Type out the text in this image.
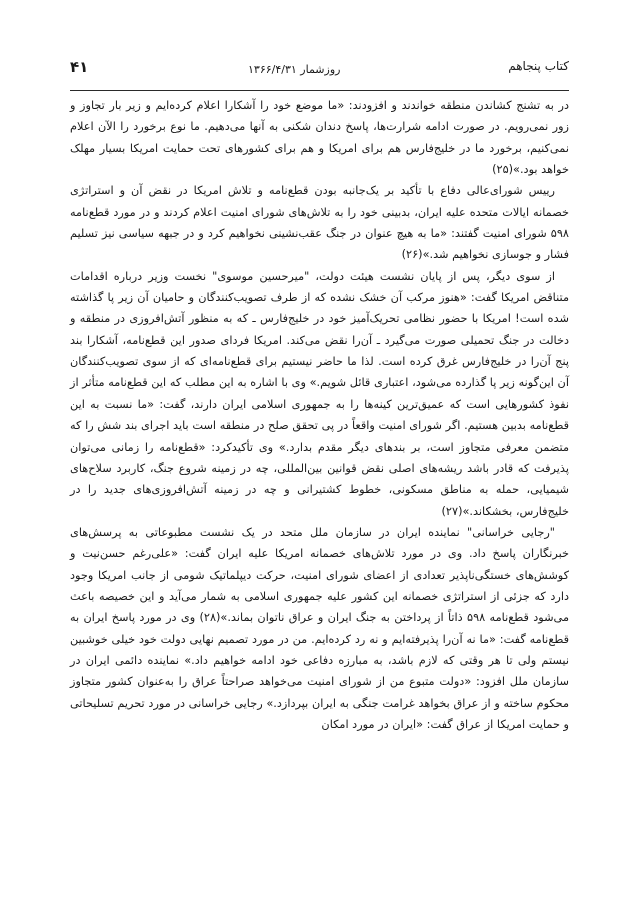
۴۱	روزشمار ۱۳۶۶/۴/۳۱	کتاب پنجاهم

در به تشنج کشاندن منطقه خواندند و افزودند: «ما موضع خود را آشکارا اعلام کرده‌ایم و زیر بار تجاوز و زور نمی‌رویم. در صورت ادامه شرارت‌ها، پاسخ دندان شکنی به آنها می‌دهیم. ما نوع برخورد را الآن اعلام نمی‌کنیم، برخورد ما در خلیج‌فارس هم برای امریکا و هم برای کشورهای تحت حمایت امریکا بسیار مهلک خواهد بود.»(۲۵)

رییس شورای‌عالی دفاع با تأکید بر یک‌جانبه بودن قطع‌نامه و تلاش امریکا در نقض آن و استراتژی خصمانه ایالات متحده علیه ایران، بدبینی خود را به تلاش‌های شورای امنیت اعلام کردند و در مورد قطع‌نامه ۵۹۸ شورای امنیت گفتند: «ما به هیچ عنوان در جنگ عقب‌نشینی نخواهیم کرد و در جبهه سیاسی نیز تسلیم فشار و جوسازی نخواهیم شد.»(۲۶)

از سوی دیگر، پس از پایان نشست هیئت دولت، "میرحسین موسوی" نخست وزیر درباره اقدامات متناقض امریکا گفت: «هنوز مرکب آن خشک نشده که از طرف تصویب‌کنندگان و حامیان آن زیر پا گذاشته شده است! امریکا با حضور نظامی تحریک‌آمیز خود در خلیج‌فارس ـ که به منظور آتش‌افروزی در منطقه و دخالت در جنگ تحمیلی صورت می‌گیرد ـ آن‌را نقض می‌کند. امریکا فردای صدور این قطع‌نامه، آشکارا بند پنج آن‌را در خلیج‌فارس غرق کرده است. لذا ما حاضر نیستیم برای قطع‌نامه‌ای که از سوی تصویب‌کنندگان آن این‌گونه زیر پا گذارده می‌شود، اعتباری قائل شویم.» وی با اشاره به این مطلب که این قطع‌نامه متأثر از نفوذ کشورهایی است که عمیق‌ترین کینه‌ها را به جمهوری اسلامی ایران دارند، گفت: «ما نسبت به این قطع‌نامه بدبین هستیم. اگر شورای امنیت واقعاً در پی تحقق صلح در منطقه است باید اجرای بند شش را که متضمن معرفی متجاوز است، بر بندهای دیگر مقدم بدارد.» وی تأکیدکرد: «قطع‌نامه را زمانی می‌توان پذیرفت که قادر باشد ریشه‌های اصلی نقض قوانین بین‌المللی، چه در زمینه شروع جنگ، کاربرد سلاح‌های شیمیایی، حمله به مناطق مسکونی، خطوط کشتیرانی و چه در زمینه آتش‌افروزی‌های جدید را در خلیج‌فارس، بخشکاند.»(۲۷)

"رجایی خراسانی" نماینده ایران در سازمان ملل متحد در یک نشست مطبوعاتی به پرسش‌های خبرنگاران پاسخ داد. وی در مورد تلاش‌های خصمانه امریکا علیه ایران گفت: «علی‌رغم حسن‌نیت و کوشش‌های خستگی‌ناپذیر تعدادی از اعضای شورای امنیت، حرکت دیپلماتیک شومی از جانب امریکا وجود دارد که جزئی از استراتژی خصمانه این کشور علیه جمهوری اسلامی به شمار می‌آید و این خصیصه باعث می‌شود قطع‌نامه ۵۹۸ ذاتاً از پرداختن به جنگ ایران و عراق ناتوان بماند.»(۲۸) وی در مورد پاسخ ایران به قطع‌نامه گفت: «ما نه آن‌را پذیرفته‌ایم و نه رد کرده‌ایم. من در مورد تصمیم نهایی دولت خود خیلی خوشبین نیستم ولی تا هر وقتی که لازم باشد، به مبارزه دفاعی خود ادامه خواهیم داد.» نماینده دائمی ایران در سازمان ملل افزود: «دولت متبوع من از شورای امنیت می‌خواهد صراحتاً عراق را به‌عنوان کشور متجاوز محکوم ساخته و از عراق بخواهد غرامت جنگی به ایران بپردازد.» رجایی خراسانی در مورد تحریم تسلیحاتی و حمایت امریکا از عراق گفت: «ایران در مورد امکان
